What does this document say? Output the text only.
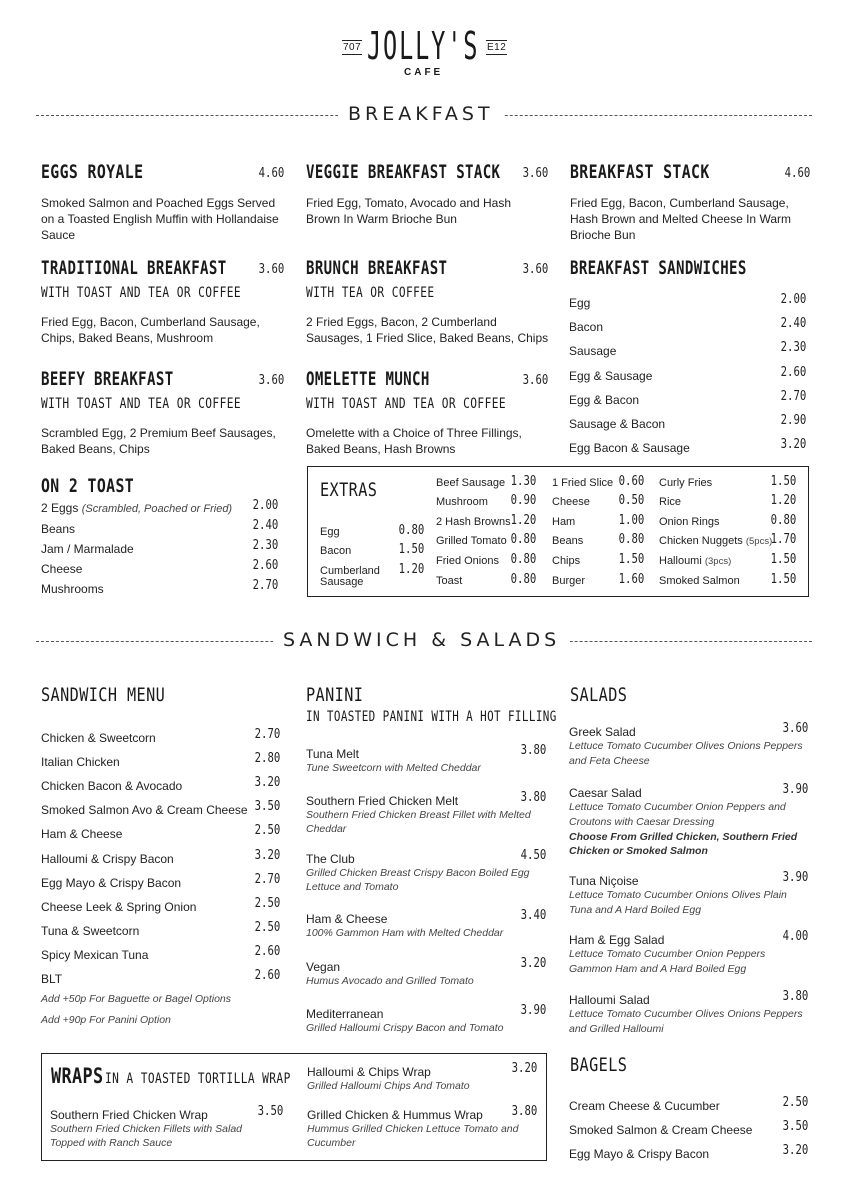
707 JOLLY'S E12
CAFE
BREAKFAST
EGGS ROYALE	4.60
Smoked Salmon and Poached Eggs Served on a Toasted English Muffin with Hollandaise Sauce
VEGGIE BREAKFAST STACK 3.60
Fried Egg, Tomato, Avocado and Hash Brown In Warm Brioche Bun
BREAKFAST STACK	4.60
Fried Egg, Bacon, Cumberland Sausage, Hash Brown and Melted Cheese In Warm Brioche Bun
TRADITIONAL BREAKFAST 3.60
WITH TOAST AND TEA OR COFFEE
Fried Egg, Bacon, Cumberland Sausage, Chips, Baked Beans, Mushroom
BRUNCH BREAKFAST	3.60
WITH TEA OR COFFEE
2 Fried Eggs, Bacon, 2 Cumberland Sausages, 1 Fried Slice, Baked Beans, Chips
BREAKFAST SANDWICHES
Egg	2.00
Bacon	2.40
Sausage	2.30
Egg & Sausage	2.60
Egg & Bacon	2.70
Sausage & Bacon	2.90
Egg Bacon & Sausage	3.20
BEEFY BREAKFAST	3.60
WITH TOAST AND TEA OR COFFEE
Scrambled Egg, 2 Premium Beef Sausages, Baked Beans, Chips
OMELETTE MUNCH	3.60
WITH TOAST AND TEA OR COFFEE
Omelette with a Choice of Three Fillings, Baked Beans, Hash Browns
ON 2 TOAST
2 Eggs (Scrambled, Poached or Fried) 2.00
Beans	2.40
Jam / Marmalade	2.30
Cheese	2.60
Mushrooms	2.70
EXTRAS
Egg	0.80
Bacon	1.50
Cumberland Sausage
1.20
Beef Sausage 1.30
Mushroom	0.90
2 Hash Browns 1.20
Grilled Tomato 0.80
Fried Onions 0.80
Toast	0.80
1 Fried Slice 0.60
Cheese	0.50
Ham	1.00
Beans	0.80
Chips	1.50
Burger	1.60
Curly Fries	1.50
Rice	1.20
Onion Rings	0.80
Chicken Nuggets (5pcs)
1.70
Halloumi (3pcs)	1.50
Smoked Salmon	1.50
SANDWICH & SALADS
SANDWICH MENU
Chicken & Sweetcorn	2.70
Italian Chicken	2.80
Chicken Bacon & Avocado	3.20
Smoked Salmon Avo & Cream Cheese 3.50
Ham & Cheese	2.50
Halloumi & Crispy Bacon	3.20
Egg Mayo & Crispy Bacon	2.70
Cheese Leek & Spring Onion	2.50
Tuna & Sweetcorn	2.50
Spicy Mexican Tuna	2.60
BLT	2.60
Add +50p For Baguette or Bagel Options
Add +90p For Panini Option
PANINI
IN TOASTED PANINI WITH A HOT FILLING
Tuna Melt	3.80
Tune Sweetcorn with Melted Cheddar
Southern Fried Chicken Melt	3.80
Southern Fried Chicken Breast Fillet with Melted Cheddar
The Club	4.50
Grilled Chicken Breast Crispy Bacon Boiled Egg Lettuce and Tomato
Ham & Cheese	3.40
100% Gammon Ham with Melted Cheddar
Vegan	3.20
Humus Avocado and Grilled Tomato
Mediterranean	3.90
Grilled Halloumi Crispy Bacon and Tomato
SALADS
Greek Salad	3.60
Lettuce Tomato Cucumber Olives Onions Peppers and Feta Cheese
Caesar Salad	3.90
Lettuce Tomato Cucumber Onion Peppers and Croutons with Caesar Dressing
Choose From Grilled Chicken, Southern Fried Chicken or Smoked Salmon
Tuna Niçoise	3.90
Lettuce Tomato Cucumber Onions Olives Plain Tuna and A Hard Boiled Egg
Ham & Egg Salad	4.00
Lettuce Tomato Cucumber Onion Peppers Gammon Ham and A Hard Boiled Egg
Halloumi Salad	3.80
Lettuce Tomato Cucumber Olives Onions Peppers and Grilled Halloumi
WRAPS IN A TOASTED TORTILLA WRAP
Southern Fried Chicken Wrap	3.50
Southern Fried Chicken Fillets with Salad Topped with Ranch Sauce
Halloumi & Chips Wrap	3.20
Grilled Halloumi Chips And Tomato
Grilled Chicken & Hummus Wrap 3.80
Hummus Grilled Chicken Lettuce Tomato and Cucumber
BAGELS
Cream Cheese & Cucumber	2.50
Smoked Salmon & Cream Cheese 3.50
Egg Mayo & Crispy Bacon	3.20
